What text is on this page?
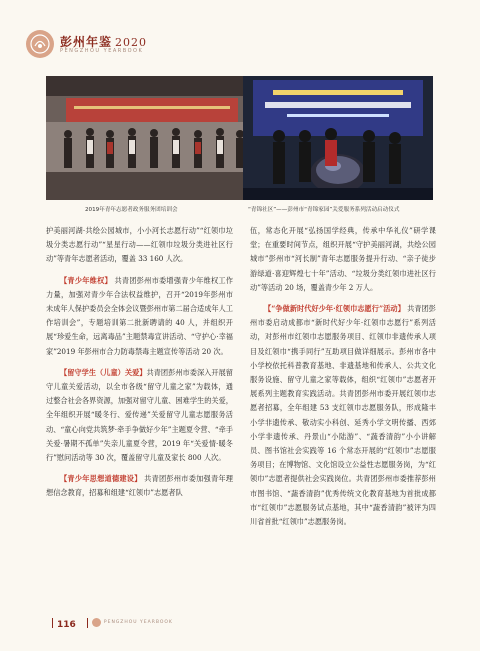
彭州年鉴 2020
PENGZHOU YEARBOOK
2019年青年志愿者政务服务团培训会	“青锦社区”——彭州市“青锦家园”关爱服务系列活动启动仪式

护美丽河湖·共绘公园城市，小小河长志愿行动”“红领巾垃圾分类志愿行动”“星星行动——红领巾垃圾分类进社区行动”等青年志愿者活动，覆盖 33 160 人次。

【青少年维权】 共青团彭州市委增强青少年维权工作力量，加强对青少年合法权益维护，召开“2019年彭州市未成年人保护委员会全体会议暨彭州市第二届合适成年人工作培训会”，专题培训第二批新聘请的 40 人，并组织开展“珍爱生命，远离毒品”主题禁毒宣讲活动、“守护心·幸福家”2019 年彭州市合力防毒禁毒主题宣传等活动 20 次。

【留守学生（儿童）关爱】共青团彭州市委深入开展留守儿童关爱活动，以全市各级“留守儿童之家”为载体，通过整合社会各界资源，加强对留守儿童、困难学生的关爱，全年组织开展“暖冬行、爱传递”关爱留守儿童志愿服务活动、“童心向党共筑梦·牵手争做好少年”主题夏令营、“牵手关爱·暑期不孤单”失亲儿童夏令营，2019 年“关爱情·暖冬行”慰问活动等 30 次，覆盖留守儿童及家长 800 人次。

【青少年思想道德建设】 共青团彭州市委加强青年理想信念教育，招募和组建“红领巾”志愿者队

伍，常态化开展“弘扬国学经典，传承中华礼仪”研学课堂；在重要时间节点，组织开展“守护美丽河湖，共绘公园城市”彭州市“河长制”青年志愿服务提升行动、“亲子徒步游绿道·喜迎辉煌七十年”活动、“垃圾分类红领巾进社区行动”等活动 20 场，覆盖青少年 2 万人。

【“争做新时代好少年·红领巾志愿行”活动】 共青团彭州市委启动成都市“新时代好少年·红领巾志愿行”系列活动，对彭州市红领巾志愿服务项目、红领巾非遗传承人项目及红领巾“携手同行”互助项目做详细展示。彭州市各中小学校依托科普教育基地、非遗基地和传承人、公共文化服务设施、留守儿童之家等载体，组织“红领巾”志愿者开展系列主题教育实践活动。共青团彭州市委开展红领巾志愿者招募，全年组建 53 支红领巾志愿服务队，形成隆丰小学非遗传承、敬动实小科创、延秀小学文明传播、西郊小学非遗传承、丹景山“小陆游”、“蔬香清韵”小小讲解员、图书馆社会实践等 16 个常态开展的“红领巾”志愿服务项目；在博物馆、文化馆设立公益性志愿服务岗，为“红领巾”志愿者提供社会实践岗位。共青团彭州市委推荐彭州市图书馆、“蔬香清韵”优秀传统文化教育基地为首批成都市“红领巾”志愿服务试点基地，其中“蔬香清韵”被评为四川省首批“红领巾”志愿服务岗。

116	PENGZHOU YEARBOOK
